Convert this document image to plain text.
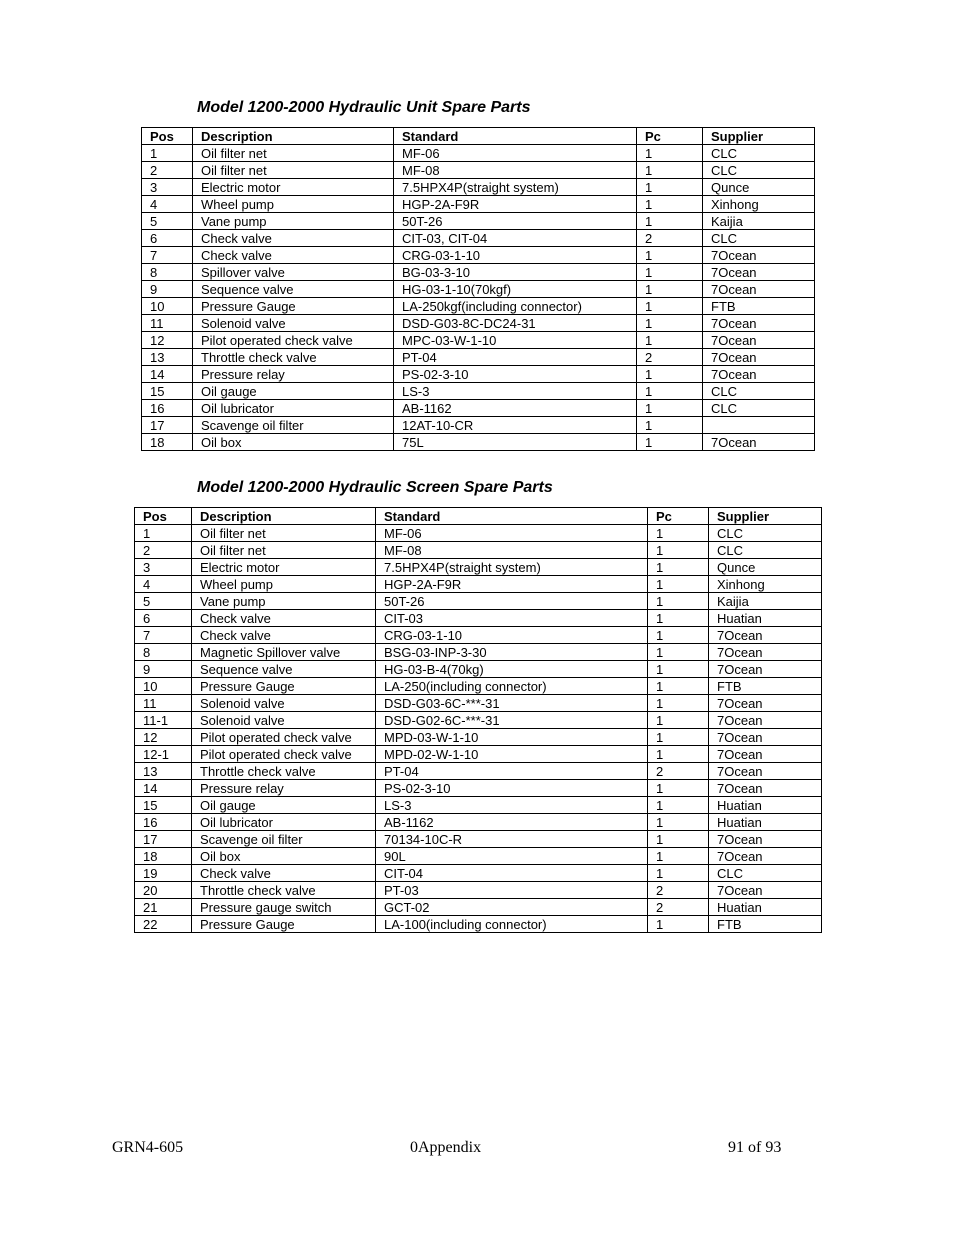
Model 1200-2000 Hydraulic Unit Spare Parts
Pos	Description	Standard	Pc	Supplier
1	Oil filter net	MF-06	1	CLC
2	Oil filter net	MF-08	1	CLC
3	Electric motor	7.5HPX4P(straight system)	1	Qunce
4	Wheel pump	HGP-2A-F9R	1	Xinhong
5	Vane pump	50T-26	1	Kaijia
6	Check valve	CIT-03, CIT-04	2	CLC
7	Check valve	CRG-03-1-10	1	7Ocean
8	Spillover valve	BG-03-3-10	1	7Ocean
9	Sequence valve	HG-03-1-10(70kgf)	1	7Ocean
10	Pressure Gauge	LA-250kgf(including connector)	1	FTB
11	Solenoid valve	DSD-G03-8C-DC24-31	1	7Ocean
12	Pilot operated check valve	MPC-03-W-1-10	1	7Ocean
13	Throttle check valve	PT-04	2	7Ocean
14	Pressure relay	PS-02-3-10	1	7Ocean
15	Oil gauge	LS-3	1	CLC
16	Oil lubricator	AB-1162	1	CLC
17	Scavenge oil filter	12AT-10-CR	1	
18	Oil box	75L	1	7Ocean
Model 1200-2000 Hydraulic Screen Spare Parts
Pos	Description	Standard	Pc	Supplier
1	Oil filter net	MF-06	1	CLC
2	Oil filter net	MF-08	1	CLC
3	Electric motor	7.5HPX4P(straight system)	1	Qunce
4	Wheel pump	HGP-2A-F9R	1	Xinhong
5	Vane pump	50T-26	1	Kaijia
6	Check valve	CIT-03	1	Huatian
7	Check valve	CRG-03-1-10	1	7Ocean
8	Magnetic Spillover valve	BSG-03-INP-3-30	1	7Ocean
9	Sequence valve	HG-03-B-4(70kg)	1	7Ocean
10	Pressure Gauge	LA-250(including connector)	1	FTB
11	Solenoid valve	DSD-G03-6C-***-31	1	7Ocean
11-1	Solenoid valve	DSD-G02-6C-***-31	1	7Ocean
12	Pilot operated check valve	MPD-03-W-1-10	1	7Ocean
12-1	Pilot operated check valve	MPD-02-W-1-10	1	7Ocean
13	Throttle check valve	PT-04	2	7Ocean
14	Pressure relay	PS-02-3-10	1	7Ocean
15	Oil gauge	LS-3	1	Huatian
16	Oil lubricator	AB-1162	1	Huatian
17	Scavenge oil filter	70134-10C-R	1	7Ocean
18	Oil box	90L	1	7Ocean
19	Check valve	CIT-04	1	CLC
20	Throttle check valve	PT-03	2	7Ocean
21	Pressure gauge switch	GCT-02	2	Huatian
22	Pressure Gauge	LA-100(including connector)	1	FTB
GRN4-605	0Appendix	91 of 93
